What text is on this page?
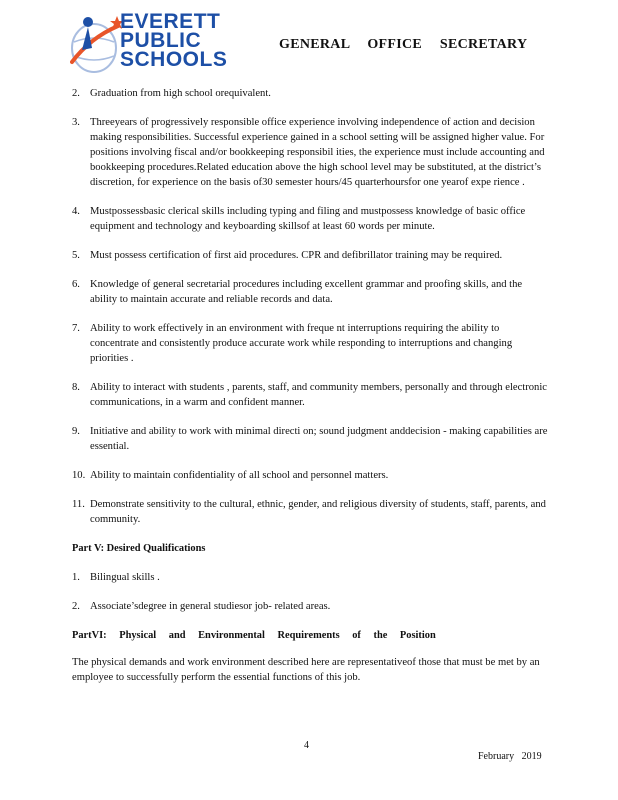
EVERETT
PUBLIC
SCHOOLS
GENERAL OFFICE SECRETARY
2. Graduation from high school orequivalent.
3. Threeyears of progressively responsible office experience involving independence of action and decision making responsibilities. Successful experience gained in a school setting will be assigned higher value. For positions involving fiscal and/or bookkeeping responsibil ities, the experience must include accounting and bookkeeping procedures.Related education above the high school level may be substituted, at the district’s discretion, for experience on the basis of30 semester hours/45 quarterhoursfor one yearof expe rience .
4. Mustpossessbasic clerical skills including typing and filing and mustpossess knowledge of basic office equipment and technology and keyboarding skillsof at least 60 words per minute.
5. Must possess certification of first aid procedures. CPR and defibrillator training may be required.
6. Knowledge of general secretarial procedures including excellent grammar and proofing skills, and the ability to maintain accurate and reliable records and data.
7. Ability to work effectively in an environment with freque nt interruptions requiring the ability to concentrate and consistently produce accurate work while responding to interruptions and changing priorities .
8. Ability to interact with students , parents, staff, and community members, personally and through electronic communications, in a warm and confident manner.
9. Initiative and ability to work with minimal directi on; sound judgment anddecision - making capabilities are essential.
10. Ability to maintain confidentiality of all school and personnel matters.
11. Demonstrate sensitivity to the cultural, ethnic, gender, and religious diversity of students, staff, parents, and community.
Part V: Desired Qualifications
1. Bilingual skills .
2. Associate’sdegree in general studiesor job- related areas.
PartVI: Physical and Environmental Requirements of the Position
The physical demands and work environment described here are representativeof those that must be met by an employee to successfully perform the essential functions of this job.
4
February 2019
